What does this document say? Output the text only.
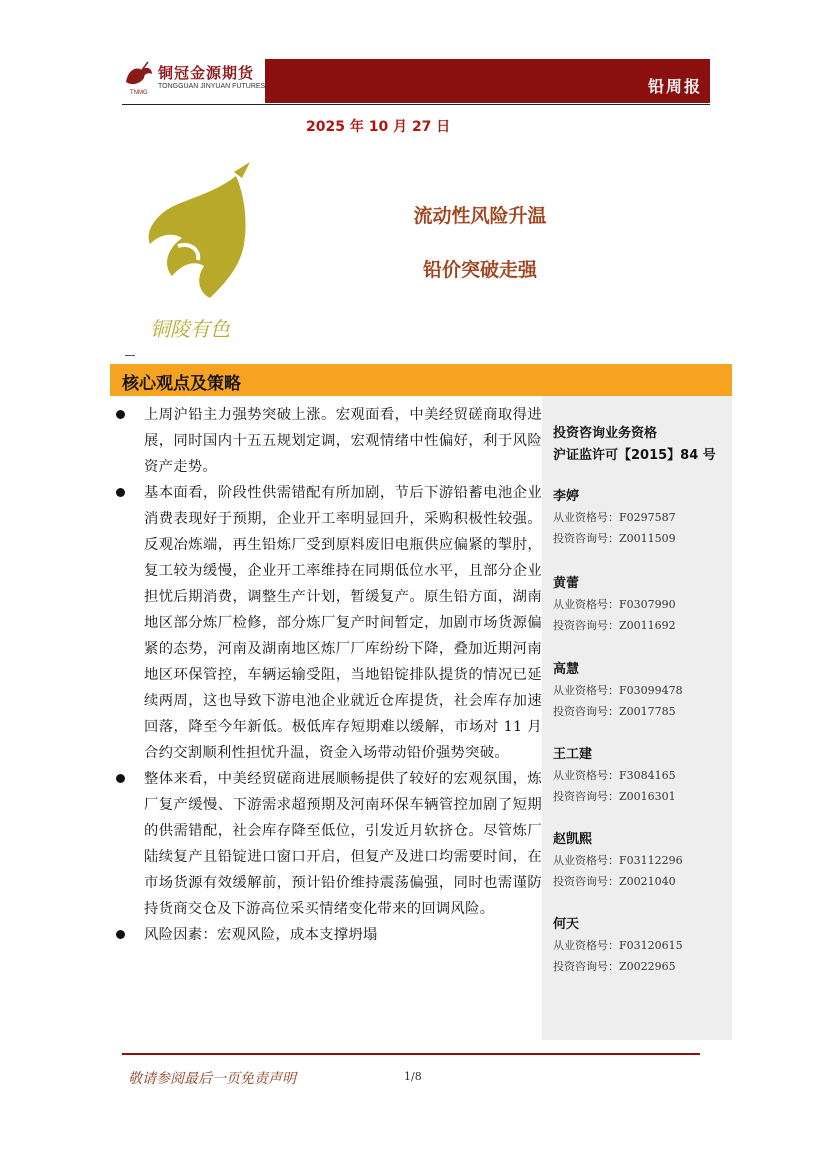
铜冠金源期货
TONGGUAN JINYUAN FUTURES
TNMG	铅周报
2025 年 10 月 27 日
铜陵有色
流动性风险升温
铅价突破走强
核心观点及策略
投资咨询业务资格
沪证监许可【2015】84 号
李婷
从业资格号：F0297587
投资咨询号：Z0011509
黄蕾
从业资格号：F0307990
投资咨询号：Z0011692
高慧
从业资格号：F03099478
投资咨询号：Z0017785
王工建
从业资格号：F3084165
投资咨询号：Z0016301
赵凯熙
从业资格号：F03112296
投资咨询号：Z0021040
何天
从业资格号：F03120615
投资咨询号：Z0022965
上周沪铅主力强势突破上涨。宏观面看，中美经贸磋商取得进展，同时国内十五五规划定调，宏观情绪中性偏好，利于风险资产走势。
基本面看，阶段性供需错配有所加剧，节后下游铅蓄电池企业消费表现好于预期，企业开工率明显回升，采购积极性较强。反观冶炼端，再生铅炼厂受到原料废旧电瓶供应偏紧的掣肘，复工较为缓慢，企业开工率维持在同期低位水平，且部分企业担忧后期消费，调整生产计划，暂缓复产。原生铅方面，湖南地区部分炼厂检修，部分炼厂复产时间暂定，加剧市场货源偏紧的态势，河南及湖南地区炼厂厂库纷纷下降，叠加近期河南地区环保管控，车辆运输受阻，当地铅锭排队提货的情况已延续两周，这也导致下游电池企业就近仓库提货，社会库存加速回落，降至今年新低。极低库存短期难以缓解，市场对 11 月合约交割顺利性担忧升温，资金入场带动铅价强势突破。
整体来看，中美经贸磋商进展顺畅提供了较好的宏观氛围，炼厂复产缓慢、下游需求超预期及河南环保车辆管控加剧了短期的供需错配，社会库存降至低位，引发近月软挤仓。尽管炼厂陆续复产且铅锭进口窗口开启，但复产及进口均需要时间，在市场货源有效缓解前，预计铅价维持震荡偏强，同时也需谨防持货商交仓及下游高位采买情绪变化带来的回调风险。
风险因素：宏观风险，成本支撑坍塌
敬请参阅最后一页免责声明	1/8
